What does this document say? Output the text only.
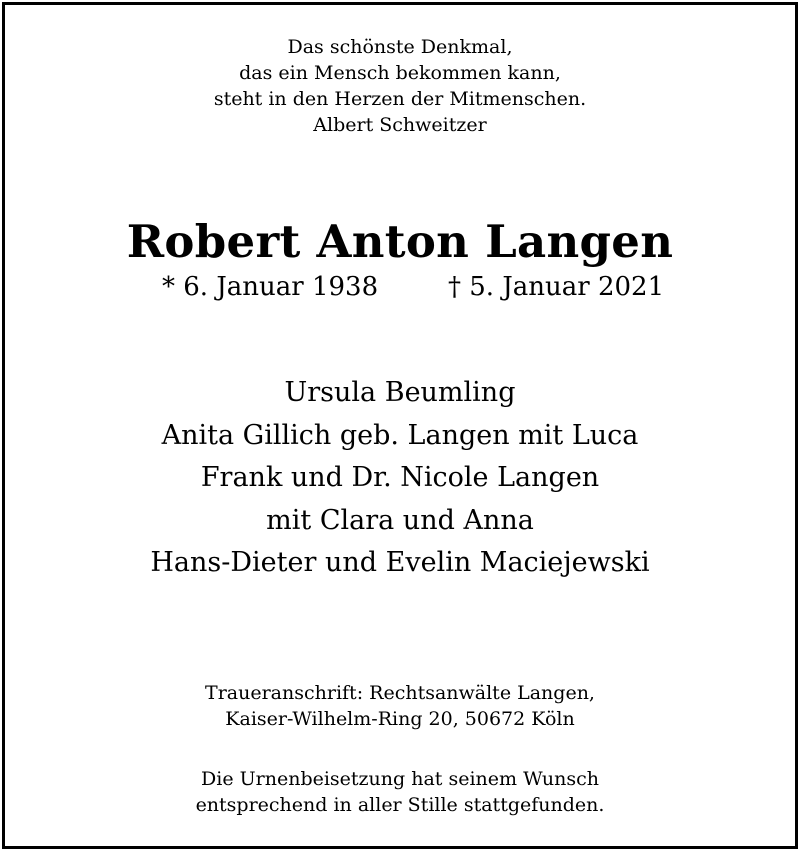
Das schönste Denkmal,
das ein Mensch bekommen kann,
steht in den Herzen der Mitmenschen.
Albert Schweitzer
Robert Anton Langen
* 6. Januar 1938	† 5. Januar 2021
Ursula Beumling
Anita Gillich geb. Langen mit Luca
Frank und Dr. Nicole Langen
mit Clara und Anna
Hans-Dieter und Evelin Maciejewski
Traueranschrift: Rechtsanwälte Langen,
Kaiser-Wilhelm-Ring 20, 50672 Köln
Die Urnenbeisetzung hat seinem Wunsch
entsprechend in aller Stille stattgefunden.
